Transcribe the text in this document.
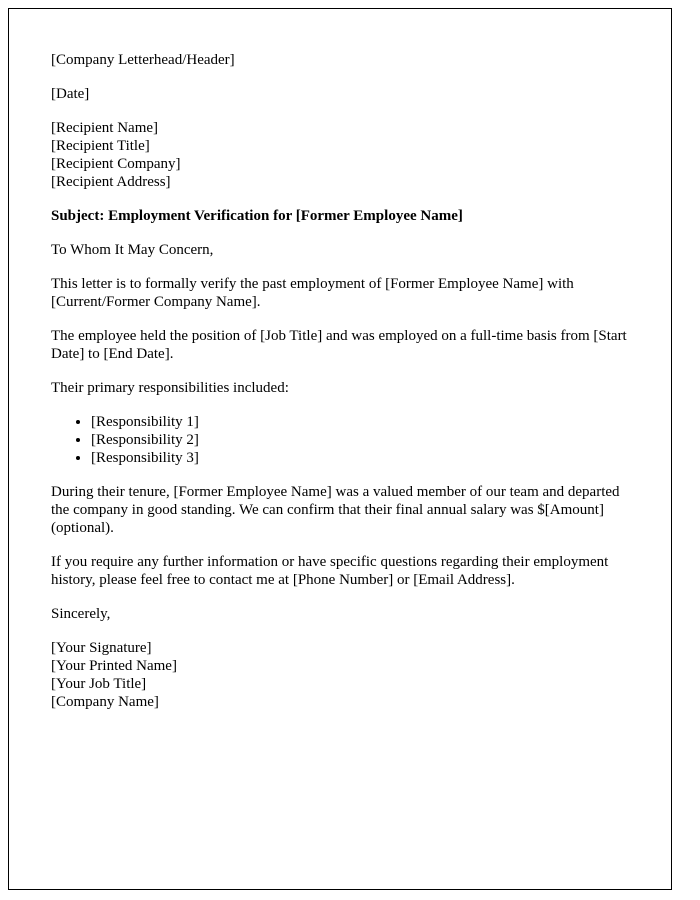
[Company Letterhead/Header]

[Date]

[Recipient Name]
[Recipient Title]
[Recipient Company]
[Recipient Address]

Subject: Employment Verification for [Former Employee Name]

To Whom It May Concern,

This letter is to formally verify the past employment of [Former Employee Name] with [Current/Former Company Name].

The employee held the position of [Job Title] and was employed on a full-time basis from [Start Date] to [End Date].

Their primary responsibilities included:

• [Responsibility 1]
• [Responsibility 2]
• [Responsibility 3]

During their tenure, [Former Employee Name] was a valued member of our team and departed the company in good standing. We can confirm that their final annual salary was $[Amount] (optional).

If you require any further information or have specific questions regarding their employment history, please feel free to contact me at [Phone Number] or [Email Address].

Sincerely,

[Your Signature]
[Your Printed Name]
[Your Job Title]
[Company Name]
